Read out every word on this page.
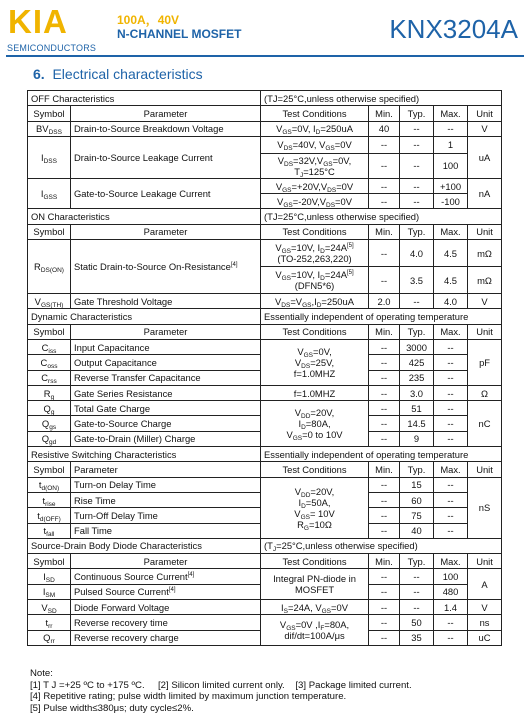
KIA
SEMICONDUCTORS
100A，40V
N-CHANNEL MOSFET	KNX3204A
6. Electrical characteristics
OFF Characteristics		(TJ=25°C,unless otherwise specified)				
Symbol	Parameter	Test Conditions	Min.	Typ.	Max.	Unit
$BV_{DSS}$	Drain-to-Source Breakdown Voltage	$V_{GS}=0V$, $I_D=250uA$	40	--	--	V
$I_{DSS}$	Drain-to-Source Leakage Current	$V_{DS}=40V$, $V_{GS}=0V$	--	--	1	uA
		$V_{DS}=32V,V_{GS}=0V$,
$T_J=125^\circ C$	--	--	100	
$I_{GSS}$	Gate-to-Source Leakage Current	$V_{GS}=+20V,V_{DS}=0V$	--	--	+100	nA
		$V_{GS}=-20V,V_{DS}=0V$	--	--	-100	
ON Characteristics		(TJ=25°C,unless otherwise specified)				
Symbol	Parameter	Test Conditions	Min.	Typ.	Max.	Unit
$R_{DS(ON)}$	Static Drain-to-Source On-Resistance[4]	$V_{GS}=10V$, $I_D=24A[5]$
(TO-252,263,220)	--	4.0	4.5	mΩ
		$V_{GS}=10V$, $I_D=24A[5]$
(DFN5*6)	--	3.5	4.5	mΩ
$V_{GS(TH)}$	Gate Threshold Voltage	$V_{DS}=V_{GS},I_D=250uA$	2.0	--	4.0	V
Dynamic Characteristics		Essentially independent of operating temperature				
Symbol	Parameter	Test Conditions	Min.	Typ.	Max.	Unit
$C_{iss}$	Input Capacitance	$V_{GS}=0V$,
$V_{DS}=25V$,
f=1.0MHZ	--	3000	--	pF
$C_{oss}$	Output Capacitance		--	425	--	
$C_{rss}$	Reverse Transfer Capacitance		--	235	--	
$R_g$	Gate Series Resistance	f=1.0MHZ	--	3.0	--	Ω
$Q_g$	Total Gate Charge	$V_{DD}=20V$,
$I_D=80A$,
$V_{GS}=0$ to 10V	--	51	--	nC
$Q_{gs}$	Gate-to-Source Charge		--	14.5	--	
$Q_{gd}$	Gate-to-Drain (Miller) Charge		--	9	--	
Resistive Switching Characteristics		Essentially independent of operating temperature				
Symbol	Parameter	Test Conditions	Min.	Typ.	Max.	Unit
$t_{d(ON)}$	Turn-on Delay Time	$V_{DD}=20V$,
$I_D=50A$,
$V_{GS}= 10V$
$R_G=10\Omega$	--	15	--	nS
$t_{rise}$	Rise Time		--	60	--	
$t_{d(OFF)}$	Turn-Off Delay Time		--	75	--	
$t_{fall}$	Fall Time		--	40	--	
Source-Drain Body Diode Characteristics		($T_J=25^\circ C,unless$ otherwise specified)				
Symbol	Parameter	Test Conditions	Min.	Typ.	Max.	Unit
$I_{SD}$	Continuous Source Current[4]	Integral PN-diode in MOSFET	--	--	100	A
$I_{SM}$	Pulsed Source Current[4]		--	--	480	
$V_{SD}$	Diode Forward Voltage	$I_S=24A$, $V_{GS}=0V$	--	--	1.4	V
$t_{rr}$	Reverse recovery time	$V_{GS}=0V$ $,I_F=80A$,
dif/dt=100A/μs	--	50	--	ns
$Q_{rr}$	Reverse recovery charge		--	35	--	uC
Note:
[1] T J =+25 ºC to +175 ºC. [2] Silicon limited current only. [3] Package limited current.
[4] Repetitive rating; pulse width limited by maximum junction temperature.
[5] Pulse width≤380μs; duty cycle≤2%.
